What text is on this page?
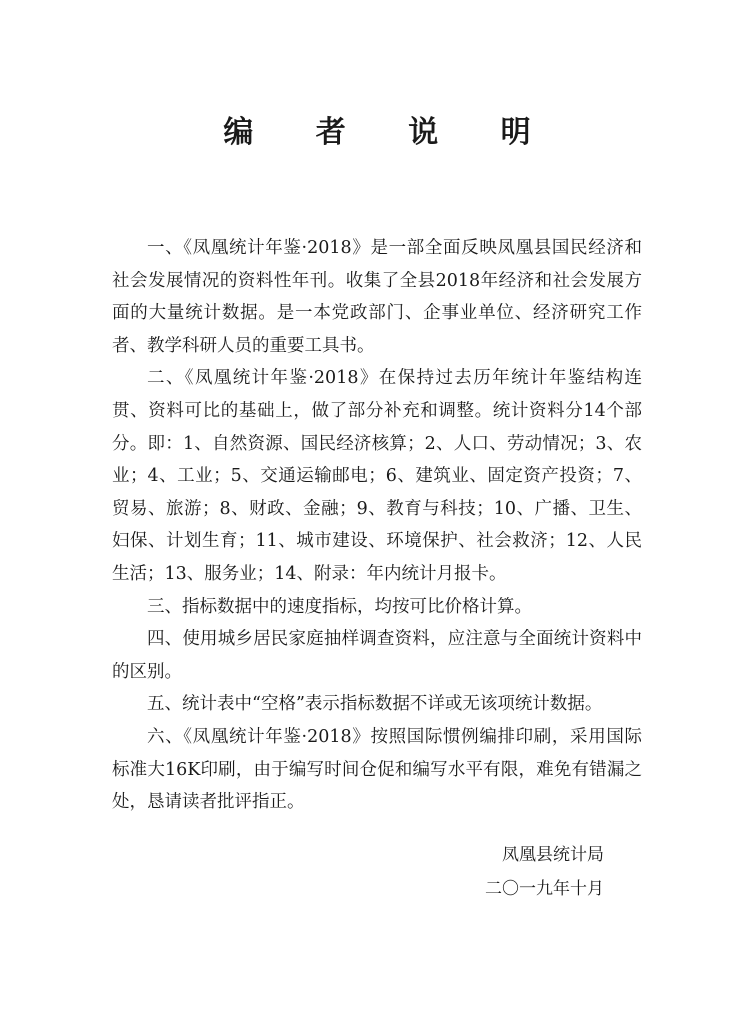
编 者 说 明

一、《凤凰统计年鉴·2018》是一部全面反映凤凰县国民经济和社会发展情况的资料性年刊。收集了全县2018年经济和社会发展方面的大量统计数据。是一本党政部门、企事业单位、经济研究工作者、教学科研人员的重要工具书。

二、《凤凰统计年鉴·2018》在保持过去历年统计年鉴结构连贯、资料可比的基础上，做了部分补充和调整。统计资料分14个部分。即：1、自然资源、国民经济核算；2、人口、劳动情况；3、农业；4、工业；5、交通运输邮电；6、建筑业、固定资产投资；7、贸易、旅游；8、财政、金融；9、教育与科技；10、广播、卫生、妇保、计划生育；11、城市建设、环境保护、社会救济；12、人民生活；13、服务业；14、附录：年内统计月报卡。

三、指标数据中的速度指标，均按可比价格计算。

四、使用城乡居民家庭抽样调查资料，应注意与全面统计资料中的区别。

五、统计表中“空格”表示指标数据不详或无该项统计数据。

六、《凤凰统计年鉴·2018》按照国际惯例编排印刷，采用国际标准大16K印刷，由于编写时间仓促和编写水平有限，难免有错漏之处，恳请读者批评指正。

凤凰县统计局
二〇一九年十月
